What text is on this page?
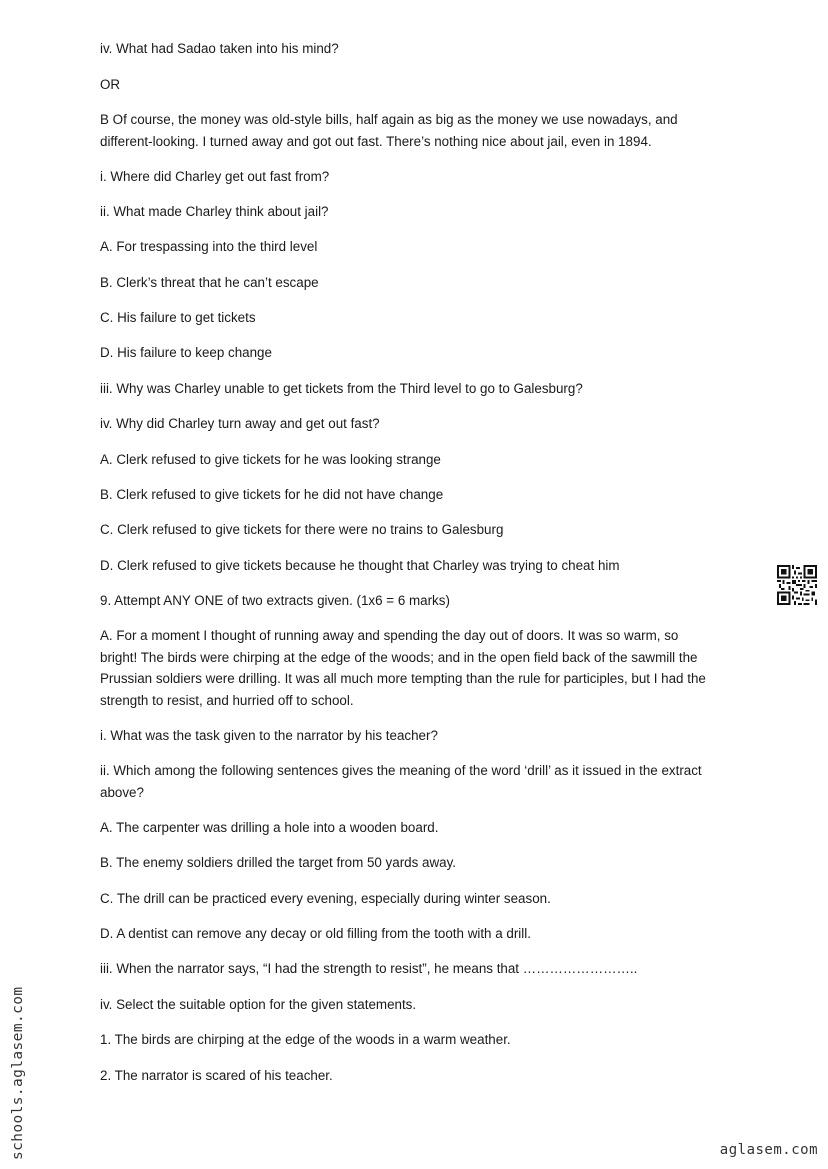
iv. What had Sadao taken into his mind?

OR

B Of course, the money was old-style bills, half again as big as the money we use nowadays, and different-looking. I turned away and got out fast. There’s nothing nice about jail, even in 1894.

i. Where did Charley get out fast from?

ii. What made Charley think about jail?

A. For trespassing into the third level

B. Clerk’s threat that he can’t escape

C. His failure to get tickets

D. His failure to keep change

iii. Why was Charley unable to get tickets from the Third level to go to Galesburg?

iv. Why did Charley turn away and get out fast?

A. Clerk refused to give tickets for he was looking strange

B. Clerk refused to give tickets for he did not have change

C. Clerk refused to give tickets for there were no trains to Galesburg

D. Clerk refused to give tickets because he thought that Charley was trying to cheat him

9. Attempt ANY ONE of two extracts given. (1x6 = 6 marks)

A. For a moment I thought of running away and spending the day out of doors. It was so warm, so bright! The birds were chirping at the edge of the woods; and in the open field back of the sawmill the Prussian soldiers were drilling. It was all much more tempting than the rule for participles, but I had the strength to resist, and hurried off to school.

i. What was the task given to the narrator by his teacher?

ii. Which among the following sentences gives the meaning of the word ‘drill’ as it issued in the extract above?

A. The carpenter was drilling a hole into a wooden board.

B. The enemy soldiers drilled the target from 50 yards away.

C. The drill can be practiced every evening, especially during winter season.

D. A dentist can remove any decay or old filling from the tooth with a drill.

iii. When the narrator says, “I had the strength to resist”, he means that ……………………..

iv. Select the suitable option for the given statements.

1. The birds are chirping at the edge of the woods in a warm weather.

2. The narrator is scared of his teacher.

schools.aglasem.com	aglasem.com
